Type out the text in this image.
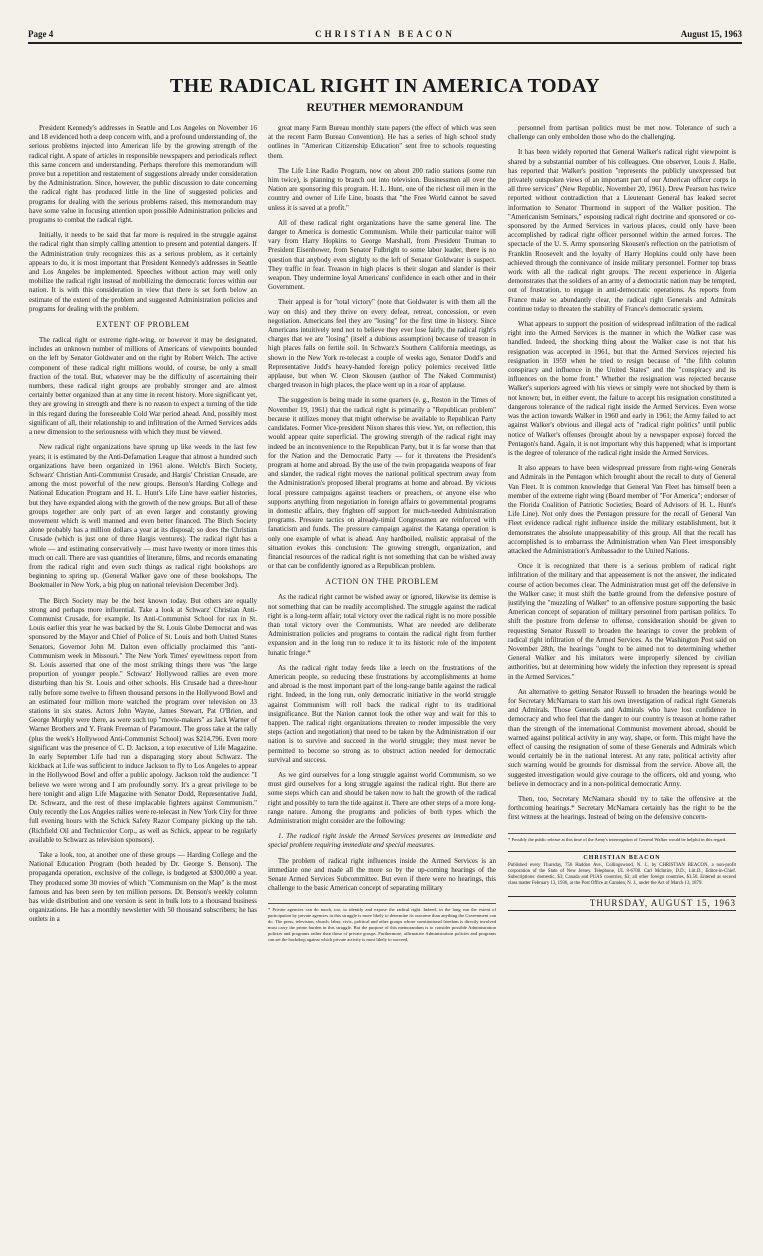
Page 4	CHRISTIAN BEACON	August 15, 1963
THE RADICAL RIGHT IN AMERICA TODAY
REUTHER MEMORANDUM

President Kennedy's addresses in Seattle and Los Angeles on November 16 and 18 evidenced both a deep concern with, and a profound understanding of, the serious problems injected into American life by the growing strength of the radical right. A spate of articles in responsible newspapers and periodicals reflect this same concern and understanding. Perhaps therefore this memorandum will prove but a repetition and restatement of suggestions already under consideration by the Administration. Since, however, the public discussion to date concerning the radical right has produced little in the line of suggested policies and programs for dealing with the serious problems raised, this memorandum may have some value in focusing attention upon possible Administration policies and programs to combat the radical right.

Initially, it needs to be said that far more is required in the struggle against the radical right than simply calling attention to present and potential dangers. If the Administration truly recognizes this as a serious problem, as it certainly appears to do, it is most important that President Kennedy's addresses in Seattle and Los Angeles be implemented. Speeches without action may well only mobilize the radical right instead of mobilizing the democratic forces within our nation. It is with this consideration in view that there is set forth below an estimate of the extent of the problem and suggested Administration policies and programs for dealing with the problem.

EXTENT OF PROBLEM

The radical right or extreme right-wing, or however it may be designated, includes an unknown number of millions of Americans of viewpoints bounded on the left by Senator Goldwater and on the right by Robert Welch. The active component of these radical right millions would, of course, be only a small fraction of the total. But, whatever may be the difficulty of ascertaining their numbers, these radical right groups are probably stronger and are almost certainly better organized than at any time in recent history. More significant yet, they are growing in strength and there is no reason to expect a turning of the tide in this regard during the foreseeable Cold War period ahead. And, possibly most significant of all, their relationship to and infiltration of the Armed Services adds a new dimension to the seriousness with which they must be viewed.

New radical right organizations have sprung up like weeds in the last few years; it is estimated by the Anti-Defamation League that almost a hundred such organizations have been organized in 1961 alone. Welch's Birch Society, Schwarz' Christian Anti-Communist Crusade, and Hargis' Christian Crusade, are among the most powerful of the new groups. Benson's Harding College and National Education Program and H. L. Hunt's Life Line have earlier histories, but they have expanded along with the growth of the new groups. But all of these groups together are only part of an even larger and constantly growing movement which is well manned and even better financed. The Birch Society alone probably has a million dollars a year at its disposal; so does the Christian Crusade (which is just one of three Hargis ventures). The radical right has a whole — and estimating conservatively — must have twenty or more times this much on call. There are vast quantities of literature, films, and records emanating from the radical right and even such things as radical right bookshops are beginning to spring up. (General Walker gave one of these bookshops, The Bookmailer in New York, a big plug on national television December 3rd).

The Birch Society may be the best known today. But others are equally strong and perhaps more influential. Take a look at Schwarz' Christian Anti-Communist Crusade, for example. Its Anti-Communist School for rax in St. Louis earlier this year he was backed by the St. Louis Globe Democrat and was sponsored by the Mayor and Chief of Police of St. Louis and both United States Senators, Governor John M. Dalton even officially proclaimed this "anti-Communism week in Missouri." The New York Times' eyewitness report from St. Louis asserted that one of the most striking things there was "the large proportion of younger people." Schwarz' Hollywood rallies are even more disturbing than his St. Louis and other schools. His Crusade had a three-hour rally before some twelve to fifteen thousand persons in the Hollywood Bowl and an estimated four million more watched the program over television on 33 stations in six states. Actors John Wayne, James Stewart, Pat O'Brien, and George Murphy were there, as were such top "movie-makers" as Jack Warner of Warner Brothers and Y. Frank Freeman of Paramount. The gross take at the rally (plus the week's Hollywood Anti-Communist School) was $214,796. Even more significant was the presence of C. D. Jackson, a top executive of Life Magazine. In early September Life had run a disparaging story about Schwarz. The kickback at Life was sufficient to induce Jackson to fly to Los Angeles to appear in the Hollywood Bowl and offer a public apology. Jackson told the audience: "I believe we were wrong and I am profoundly sorry. It's a great privilege to be here tonight and align Life Magazine with Senator Dodd, Representative Judd, Dr. Schwarz, and the rest of these implacable fighters against Communism." Only recently the Los Angeles rallies were re-telecast in New York City for three full evening hours with the Schick Safety Razor Company picking up the tab. (Richfield Oil and Technicolor Corp., as well as Schick, appear to be regularly available to Schwarz as television sponsors).

Take a look, too, at another one of these groups — Harding College and the National Education Program (both headed by Dr. George S. Benson). The propaganda operation, exclusive of the college, is budgeted at $300,000 a year. They produced some 30 movies of which "Communism on the Map" is the most famous and has been seen by ten million persons. Dr. Benson's weekly column has wide distribution and one version is sent in bulk lots to a thousand business organizations. He has a monthly newsletter with 50 thousand subscribers; he has outlets in a

great many Farm Bureau monthly state papers (the effect of which was seen at the recent Farm Bureau Convention). He has a series of high school study outlines in "American Citizenship Education" sent free to schools requesting them.

The Life Line Radio Program, now on about 200 radio stations (some run him twice), is planning to branch out into television. Businessmen all over the Nation are sponsoring this program. H. L. Hunt, one of the richest oil men in the country and owner of Life Line, boasts that "the Free World cannot be saved unless it is saved at a profit."

All of these radical right organizations have the same general line. The danger to America is domestic Communism. While their particular traitor will vary from Harry Hopkins to George Marshall, from President Truman to President Eisenhower, from Senator Fulbright to some labor leader, there is no question that anybody even slightly to the left of Senator Goldwater is suspect. They traffic in fear. Treason in high places is their slogan and slander is their weapon. They undermine loyal Americans' confidence in each other and in their Government.

Their appeal is for "total victory" (note that Goldwater is with them all the way on this) and they thrive on every defeat, retreat, concession, or even negotiation. Americans feel they are "losing" for the first time in history. Since Americans intuitively tend not to believe they ever lose fairly, the radical right's charges that we are "losing" (itself a dubious assumption) because of treason in high places falls on fertile soil. In Schwarz's Southern California meetings, as shown in the New York re-telecast a couple of weeks ago, Senator Dodd's and Representative Judd's heavy-handed foreign policy polemics received little applause, but when W. Cleon Skousen (author of The Naked Communist) charged treason in high places, the place went up in a roar of applause.

The suggestion is being made in some quarters (e. g., Reston in the Times of November 19, 1961) that the radical right is primarily a "Republican problem" because it utilizes money that might otherwise be available to Republican Party candidates. Former Vice-president Nixon shares this view. Yet, on reflection, this would appear quite superficial. The growing strength of the radical right may indeed be an inconvenience to the Republican Party, but it is far worse than that for the Nation and the Democratic Party — for it threatens the President's program at home and abroad. By the use of the twin propaganda weapons of fear and slander, the radical right moves the national political spectrum away from the Administration's proposed liberal programs at home and abroad. By vicious local pressure campaigns against teachers or preachers, or anyone else who supports anything from negotiation in foreign affairs to governmental programs in domestic affairs, they frighten off support for much-needed Administration programs. Pressure tactics on already-timid Congressmen are reinforced with fanaticism and funds. The pressure campaign against the Katanga operation is only one example of what is ahead. Any hardboiled, realistic appraisal of the situation evokes this conclusion: The growing strength, organization, and financial resources of the radical right is not something that can be wished away or that can be confidently ignored as a Republican problem.

ACTION ON THE PROBLEM

As the radical right cannot be wished away or ignored, likewise its demise is not something that can be readily accomplished. The struggle against the radical right is a long-term affair; total victory over the radical right is no more possible than total victory over the Communists. What are needed are deliberate Administration policies and programs to contain the radical right from further expansion and in the long run to reduce it to its historic role of the impotent lunatic fringe.*

As the radical right today feeds like a leech on the frustrations of the American people, so reducing these frustrations by accomplishments at home and abroad is the most important part of the long-range battle against the radical right. Indeed, in the long run, only democratic initiative in the world struggle against Communism will roll back the radical right to its traditional insignificance. But the Nation cannot look the other way and wait for this to happen. The radical right organizations threaten to render impossible the very steps (action and negotiation) that need to be taken by the Administration if our nation is to survive and succeed in the world struggle; they must never be permitted to become so strong as to obstruct action needed for democratic survival and success.

As we gird ourselves for a long struggle against world Communism, so we must gird ourselves for a long struggle against the radical right. But there are some steps which can and should be taken now to halt the growth of the radical right and possibly to turn the tide against it. There are other steps of a more long-range nature. Among the programs and policies of both types which the Administration might consider are the following:

1. The radical right inside the Armed Services presents an immediate and special problem requiring immediate and special measures.

The problem of radical right influences inside the Armed Services is an immediate one and made all the more so by the up-coming hearings of the Senate Armed Services Subcommittee. But even if there were no hearings, this challenge to the basic American concept of separating military

* Private agencies can do much, too, to identify and expose the radical right. Indeed, in the long run the extent of participation by private agencies in this struggle is more likely to determine its outcome than anything the Government can do. The press, television, church, labor, civic, political and other groups whose constitutional freedom is directly involved must carry the prime burden in this struggle. But the purpose of this memorandum is to consider possible Administration policies and programs rather than those of private groups. Furthermore, affirmative Administration policies and programs can set the backdrop against which private activity is most likely to succeed.

personnel from partisan politics must be met now. Tolerance of such a challenge can only embolden those who do the challenging.

It has been widely reported that General Walker's radical right viewpoint is shared by a substantial number of his colleagues. One observer, Louis J. Halle, has reported that Walker's position "represents the publicly unexpressed but privately outspoken views of an important part of our American officer corps in all three services" (New Republic, November 20, 1961). Drew Pearson has twice reported without contradiction that a Lieutenant General has leaked secret information to Senator Thurmond in support of the Walker position. The "Americanism Seminars," espousing radical right doctrine and sponsored or co-sponsored by the Armed Services in various places, could only have been accomplished by radical right officer personnel within the armed forces. The spectacle of the U. S. Army sponsoring Skousen's reflection on the patriotism of Franklin Roosevelt and the loyalty of Harry Hopkins could only have been achieved through the connivance of inside military personnel. Former top brass work with all the radical right groups. The recent experience in Algeria demonstrates that the soldiers of an army of a democratic nation may be tempted, out of frustration, to engage in anti-democratic operations. As reports from France make so abundantly clear, the radical right Generals and Admirals continue today to threaten the stability of France's democratic system.

What appears to support the position of widespread infiltration of the radical right into the Armed Services is the manner in which the Walker case was handled. Indeed, the shocking thing about the Walker case is not that his resignation was accepted in 1961, but that the Armed Services rejected his resignation in 1959 when he tried to resign because of "the fifth column conspiracy and influence in the United States" and the "conspiracy and its influences on the home front." Whether the resignation was rejected because Walker's superiors agreed with his views or simply were not shocked by them is not known; but, in either event, the failure to accept his resignation constituted a dangerous tolerance of the radical right inside the Armed Services. Even worse was the action towards Walker in 1960 and early in 1961; the Army failed to act against Walker's obvious and illegal acts of "radical right politics" until public notice of Walker's offenses (brought about by a newspaper expose) forced the Pentagon's hand. Again, it is not important why this happened; what is important is the degree of tolerance of the radical right inside the Armed Services.

It also appears to have been widespread pressure from right-wing Generals and Admirals in the Pentagon which brought about the recall to duty of General Van Fleet. It is common knowledge that General Van Fleet has himself been a member of the extreme right wing (Board member of "For America"; endorser of the Florida Coalition of Patriotic Societies; Board of Advisors of H. L. Hunt's Life Line). Not only does the Pentagon pressure for the recall of General Van Fleet evidence radical right influence inside the military establishment, but it demonstrates the absolute unappeasability of this group. All that the recall has accomplished is to embarrass the Administration when Van Fleet irresponsibly attacked the Administration's Ambassador to the United Nations.

Once it is recognized that there is a serious problem of radical right infiltration of the military and that appeasement is not the answer, the indicated course of action becomes clear. The Administration must get off the defensive in the Walker case; it must shift the battle ground from the defensive posture of justifying the "muzzling of Walker" to an offensive posture supporting the basic American concept of separation of military personnel from partisan politics. To shift the posture from defense to offense, consideration should be given to requesting Senator Russell to broaden the hearings to cover the problem of radical right infiltration of the Armed Services. As the Washington Post said on November 28th, the hearings "ought to be aimed not to determining whether General Walker and his imitators were improperly silenced by civilian authorities, but at determining how widely the infection they represent is spread in the Armed Services."

An alternative to getting Senator Russell to broaden the hearings would be for Secretary McNamara to start his own investigation of radical right Generals and Admirals. Those Generals and Admirals who have lost confidence in democracy and who feel that the danger to our country is treason at home rather than the strength of the international Communist movement abroad, should be warned against political activity in any way, shape, or form. This might have the effect of causing the resignation of some of these Generals and Admirals which would certainly be in the national interest. At any rate, political activity after such warning would be grounds for dismissal from the service. Above all, the suggested investigation would give courage to the officers, old and young, who believe in democracy and in a non-political democratic Army.

Then, too, Secretary McNamara should try to take the offensive at the forthcoming hearings.* Secretary McNamara certainly has the right to be the first witness at the hearings. Instead of being on the defensive concern-

* Possibly the public release at this time of the Army's interrogation of General Walker would be helpful in this regard.

CHRISTIAN BEACON

Published every Thursday, 756 Haddon Ave., Collingswood, N. J., by CHRISTIAN BEACON, a non-profit corporation of the State of New Jersey. Telephone, UL 8-6700. Carl McIntire, D.D., Litt.D., Editor-in-Chief. Subscriptions: domestic, $3; Canada and PUAS countries, $3; all other foreign countries, $3.50. Entered as second class matter February 13, 1936, at the Post Office at Camden, N. J., under the Act of March 13, 1879.

THURSDAY, AUGUST 15, 1963
